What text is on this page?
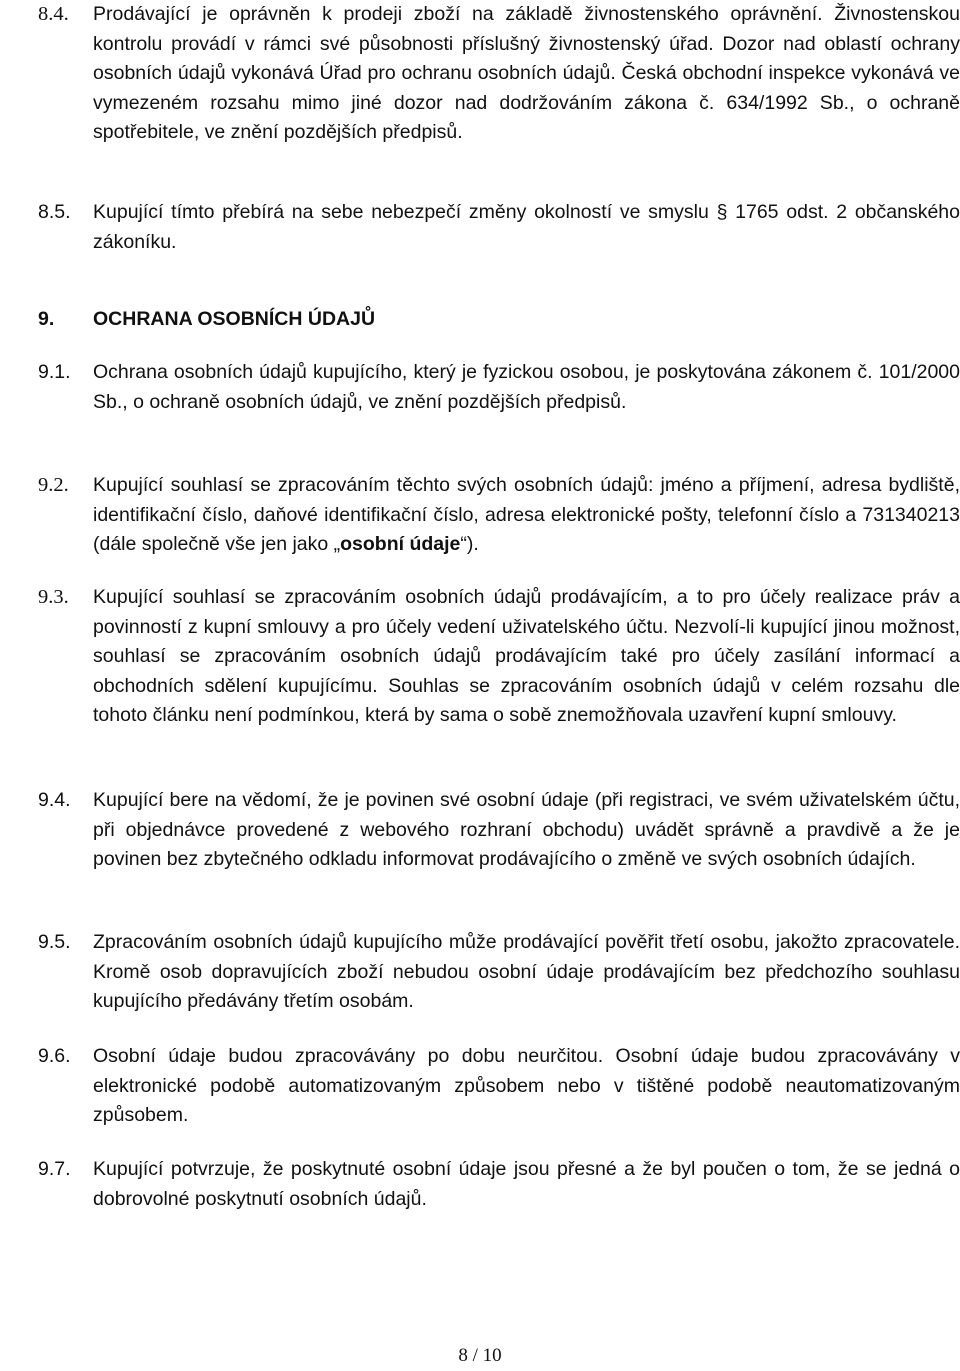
8.4.	Prodávající je oprávněn k prodeji zboží na základě živnostenského oprávnění. Živnostenskou kontrolu provádí v rámci své působnosti příslušný živnostenský úřad. Dozor nad oblastí ochrany osobních údajů vykonává Úřad pro ochranu osobních údajů. Česká obchodní inspekce vykonává ve vymezeném rozsahu mimo jiné dozor nad dodržováním zákona č. 634/1992 Sb., o ochraně spotřebitele, ve znění pozdějších předpisů.

8.5.	Kupující tímto přebírá na sebe nebezpečí změny okolností ve smyslu § 1765 odst. 2 občanského zákoníku.

9.	OCHRANA OSOBNÍCH ÚDAJŮ
9.1.	Ochrana osobních údajů kupujícího, který je fyzickou osobou, je poskytována zákonem č. 101/2000 Sb., o ochraně osobních údajů, ve znění pozdějších předpisů.

9.2.	Kupující souhlasí se zpracováním těchto svých osobních údajů: jméno a příjmení, adresa bydliště, identifikační číslo, daňové identifikační číslo, adresa elektronické pošty, telefonní číslo a 731340213 (dále společně vše jen jako „osobní údaje“).

9.3.	Kupující souhlasí se zpracováním osobních údajů prodávajícím, a to pro účely realizace práv a povinností z kupní smlouvy a pro účely vedení uživatelského účtu. Nezvolí-li kupující jinou možnost, souhlasí se zpracováním osobních údajů prodávajícím také pro účely zasílání informací a obchodních sdělení kupujícímu. Souhlas se zpracováním osobních údajů v celém rozsahu dle tohoto článku není podmínkou, která by sama o sobě znemožňovala uzavření kupní smlouvy.

9.4.	Kupující bere na vědomí, že je povinen své osobní údaje (při registraci, ve svém uživatelském účtu, při objednávce provedené z webového rozhraní obchodu) uvádět správně a pravdivě a že je povinen bez zbytečného odkladu informovat prodávajícího o změně ve svých osobních údajích.

9.5.	Zpracováním osobních údajů kupujícího může prodávající pověřit třetí osobu, jakožto zpracovatele. Kromě osob dopravujících zboží nebudou osobní údaje prodávajícím bez předchozího souhlasu kupujícího předávány třetím osobám.

9.6.	Osobní údaje budou zpracovávány po dobu neurčitou. Osobní údaje budou zpracovávány v elektronické podobě automatizovaným způsobem nebo v tištěné podobě neautomatizovaným způsobem.

9.7.	Kupující potvrzuje, že poskytnuté osobní údaje jsou přesné a že byl poučen o tom, že se jedná o dobrovolné poskytnutí osobních údajů.

8 / 10
